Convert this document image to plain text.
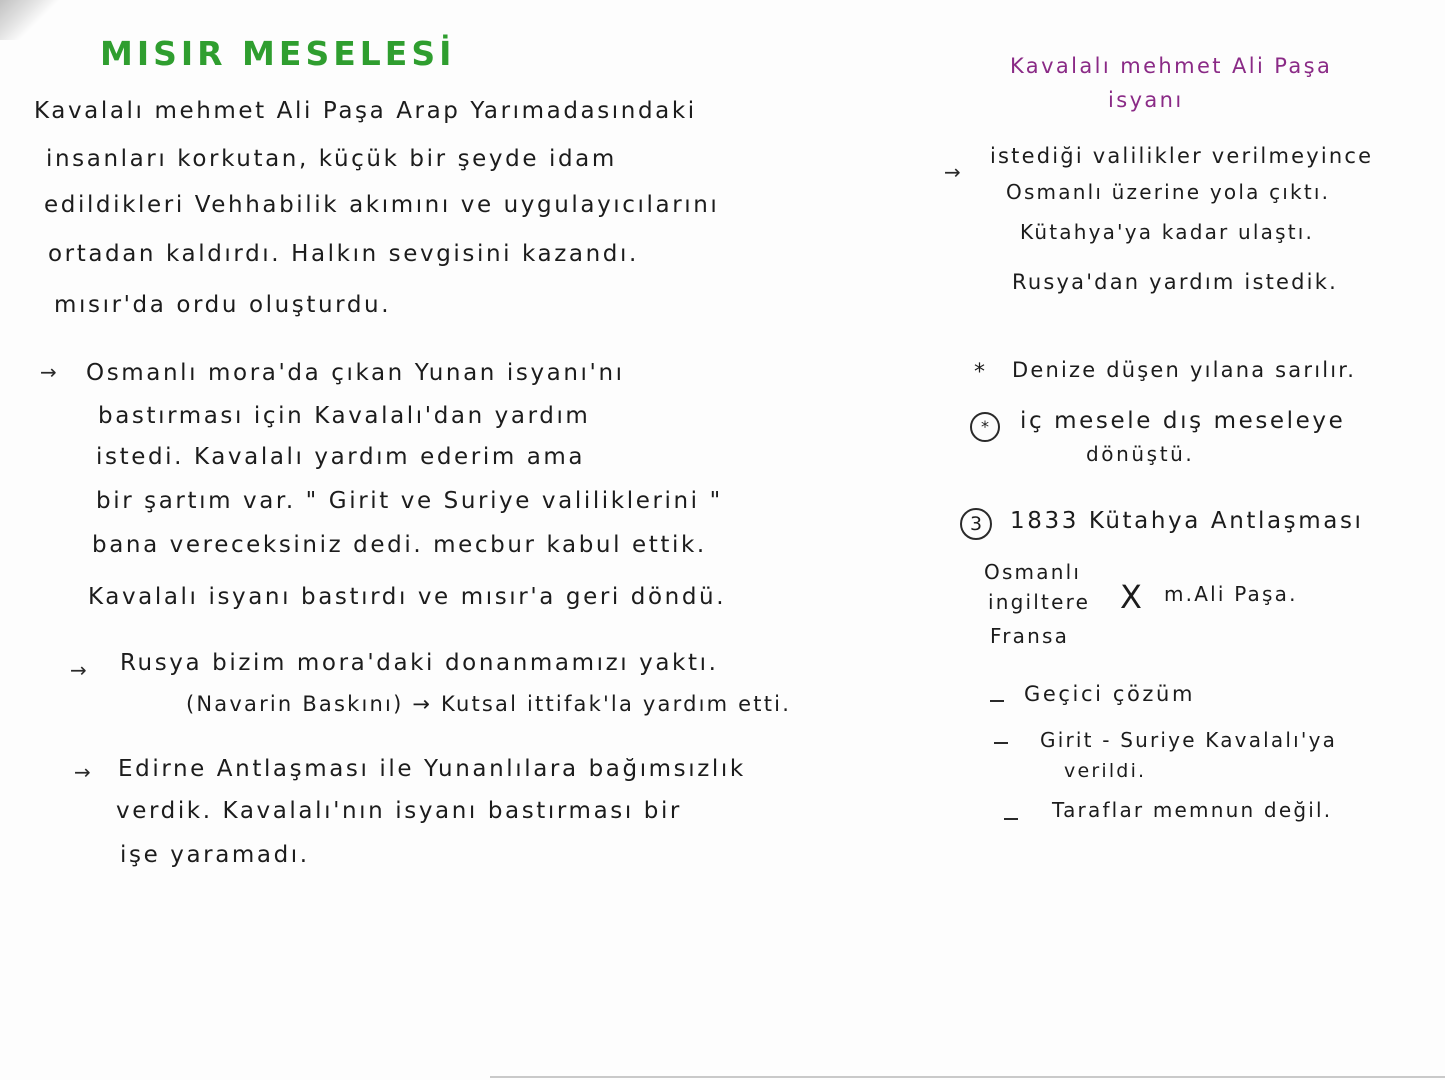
MISIR MESELESİ
Kavalalı mehmet Ali Paşa Arap Yarımadasındaki
insanları korkutan, küçük bir şeyde idam
edildikleri Vehhabilik akımını ve uygulayıcılarını
ortadan kaldırdı. Halkın sevgisini kazandı.
mısır'da ordu oluşturdu.
→ Osmanlı mora'da çıkan Yunan isyanı'nı
bastırması için Kavalalı'dan yardım
istedi. Kavalalı yardım ederim ama
bir şartım var. " Girit ve Suriye valiliklerini "
bana vereceksiniz dedi. mecbur kabul ettik.
Kavalalı isyanı bastırdı ve mısır'a geri döndü.
→ Rusya bizim mora'daki donanmamızı yaktı.
(Navarin Baskını) → Kutsal ittifak'la yardım etti.
→ Edirne Antlaşması ile Yunanlılara bağımsızlık
verdik. Kavalalı'nın isyanı bastırması bir
işe yaramadı.
Kavalalı mehmet Ali Paşa
isyanı
→
istediği valilikler verilmeyince
Osmanlı üzerine yola çıktı.
Kütahya'ya kadar ulaştı.
Rusya'dan yardım istedik.
* Denize düşen yılana sarılır.
*	iç mesele dış meseleye
dönüştü.
3	1833 Kütahya Antlaşması
Osmanlı
ingiltere
Fransa
X m.Ali Paşa.
Geçici çözüm
Girit - Suriye Kavalalı'ya
verildi.
Taraflar memnun değil.
